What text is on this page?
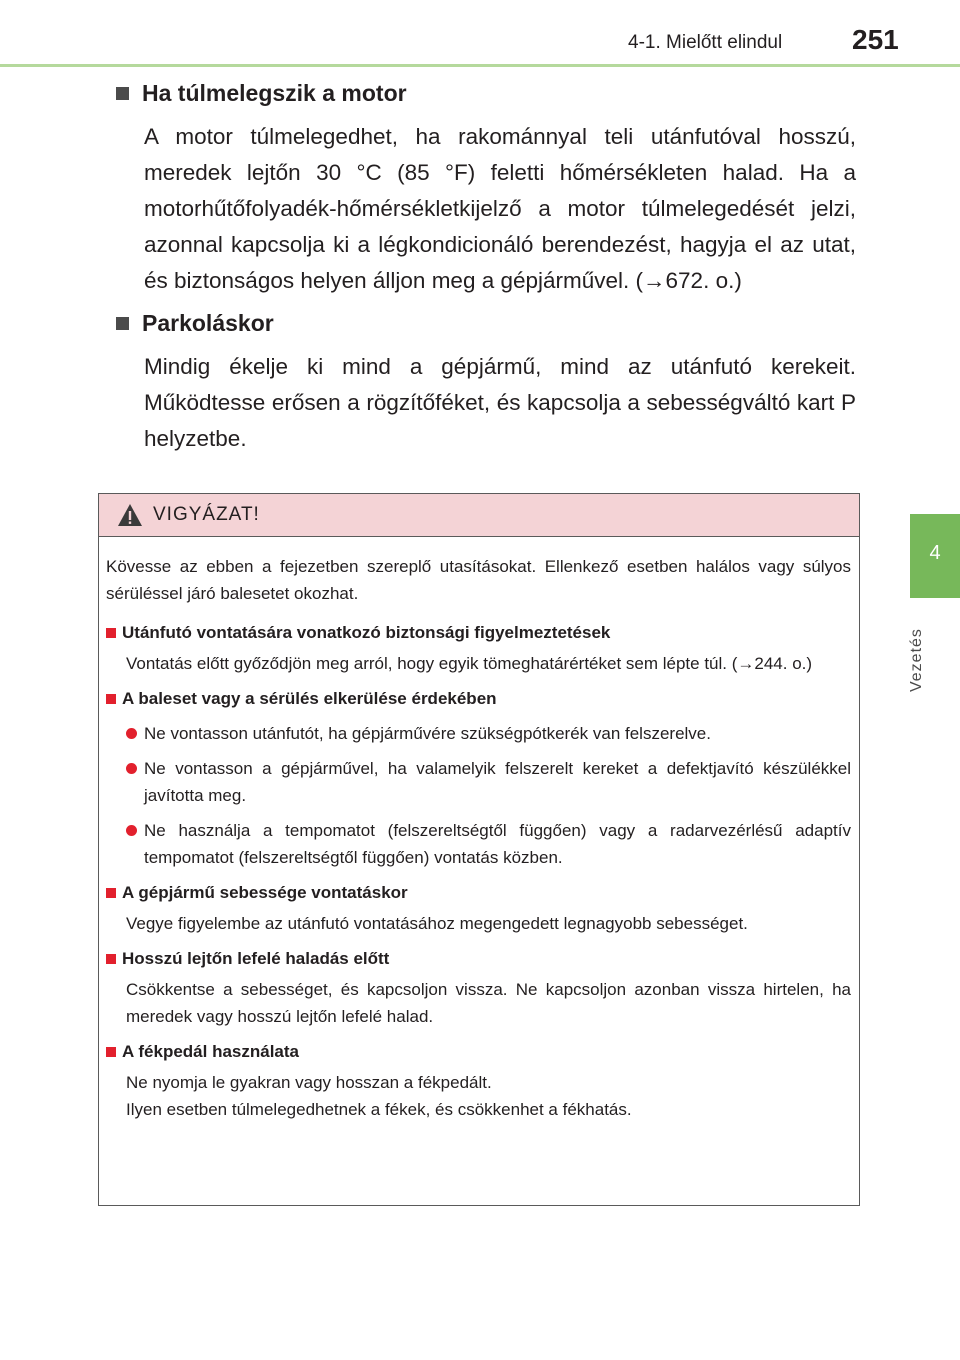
4-1. Mielőtt elindul 251
4
Vezetés
Ha túlmelegszik a motor
A motor túlmelegedhet, ha rakománnyal teli utánfutóval hosszú, meredek lejtőn 30 °C (85 °F) feletti hőmérsékleten halad. Ha a motorhűtőfolyadék-hőmérsékletkijelző a motor túlmelegedését jelzi, azonnal kapcsolja ki a légkondicionáló berendezést, hagyja el az utat, és biztonságos helyen álljon meg a gépjárművel. (→672. o.)
Parkoláskor
Mindig ékelje ki mind a gépjármű, mind az utánfutó kerekeit. Működtesse erősen a rögzítőféket, és kapcsolja a sebességváltó kart P helyzetbe.
VIGYÁZAT!
Kövesse az ebben a fejezetben szereplő utasításokat. Ellenkező esetben halálos vagy súlyos sérüléssel járó balesetet okozhat.
Utánfutó vontatására vonatkozó biztonsági figyelmeztetések
Vontatás előtt győződjön meg arról, hogy egyik tömeghatárértéket sem lépte túl. (→244. o.)
A baleset vagy a sérülés elkerülése érdekében
Ne vontasson utánfutót, ha gépjárművére szükségpótkerék van felszerelve.
Ne vontasson a gépjárművel, ha valamelyik felszerelt kereket a defektjavító készülékkel javította meg.
Ne használja a tempomatot (felszereltségtől függően) vagy a radarvezérlésű adaptív tempomatot (felszereltségtől függően) vontatás közben.
A gépjármű sebessége vontatáskor
Vegye figyelembe az utánfutó vontatásához megengedett legnagyobb sebességet.
Hosszú lejtőn lefelé haladás előtt
Csökkentse a sebességet, és kapcsoljon vissza. Ne kapcsoljon azonban vissza hirtelen, ha meredek vagy hosszú lejtőn lefelé halad.
A fékpedál használata
Ne nyomja le gyakran vagy hosszan a fékpedált.
Ilyen esetben túlmelegedhetnek a fékek, és csökkenhet a fékhatás.
